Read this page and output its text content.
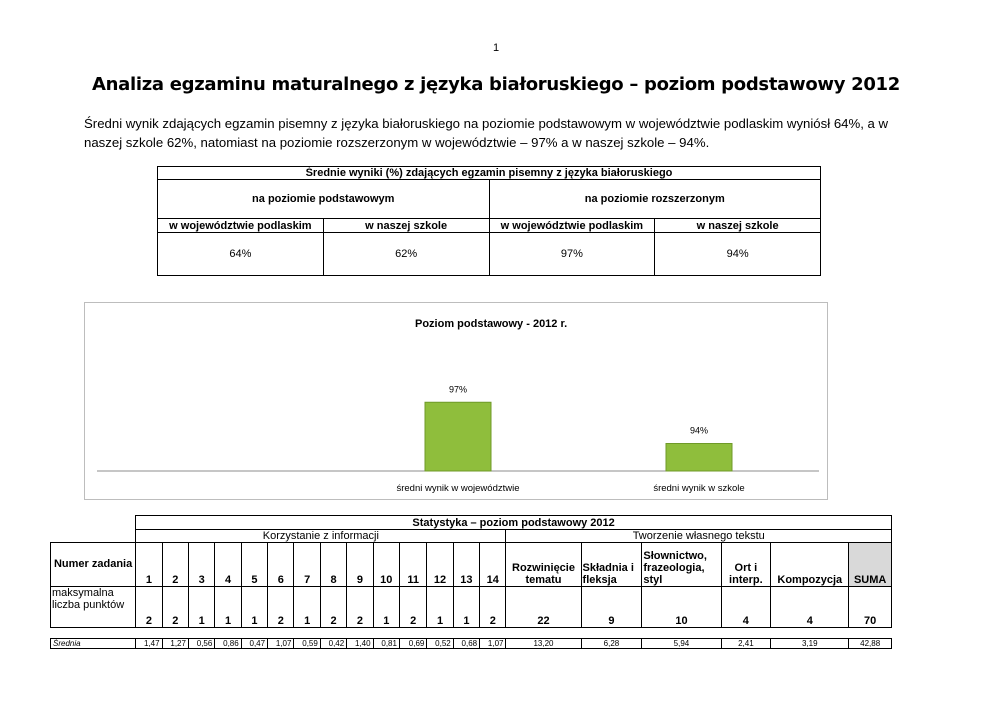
1
Analiza egzaminu maturalnego z języka białoruskiego – poziom podstawowy 2012
Średni wynik zdających egzamin pisemny z języka białoruskiego na poziomie podstawowym w województwie podlaskim wyniósł 64%, a w naszej szkole 62%, natomiast na poziomie rozszerzonym w województwie – 97% a w naszej szkole – 94%.
Średnie wyniki (%) zdających egzamin pisemny z języka białoruskiego			
na poziomie podstawowym		na poziomie rozszerzonym	
w województwie podlaskim	w naszej szkole	w województwie podlaskim	w naszej szkole
64%	62%	97%	94%
Poziom podstawowy - 2012 r.
97%
średni wynik w województwie
94%
średni wynik w szkole
	Statystyka – poziom podstawowy 2012																			
	Korzystanie z informacji														Tworzenie własnego tekstu					
Numer zadania	1	2	3	4	5	6	7	8	9	10	11	12	13	14	Rozwinięcie tematu	Składnia i fleksja	Słownictwo, frazeologia, styl	Ort i interp.	Kompozycja	SUMA
maksymalna liczba punktów	2	2	1	1	1	2	1	2	2	1	2	1	1	2	22	9	10	4	4	70

Średnia	1,47	1,27	0,56	0,86	0,47	1,07	0,59	0,42	1,40	0,81	0,69	0,52	0,68	1,07	13,20	6,28	5,94	2,41	3,19	42,88
